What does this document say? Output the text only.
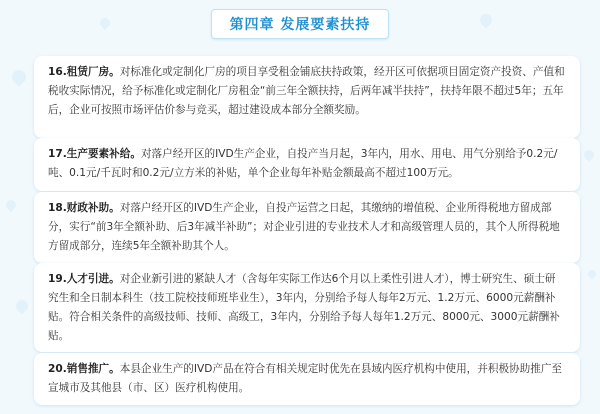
第四章 发展要素扶持
16.租赁厂房。对标准化或定制化厂房的项目享受租金铺底扶持政策，经开区可依据项目固定资产投资、产值和税收实际情况，给予标准化或定制化厂房租金“前三年全额扶持，后两年减半扶持”，扶持年限不超过5年；五年后，企业可按照市场评估价参与竞买，超过建设成本部分全额奖励。
17.生产要素补给。对落户经开区的IVD生产企业，自投产当月起，3年内，用水、用电、用气分别给予0.2元/吨、0.1元/千瓦时和0.2元/立方米的补贴，单个企业每年补贴金额最高不超过100万元。
18.财政补助。对落户经开区的IVD生产企业，自投产运营之日起，其缴纳的增值税、企业所得税地方留成部分，实行“前3年全额补助、后3年减半补助”；对企业引进的专业技术人才和高级管理人员的，其个人所得税地方留成部分，连续5年全额补助其个人。
19.人才引进。对企业新引进的紧缺人才（含每年实际工作达6个月以上柔性引进人才），博士研究生、硕士研究生和全日制本科生（技工院校技师班毕业生），3年内，分别给予每人每年2万元、1.2万元、6000元薪酬补贴。符合相关条件的高级技师、技师、高级工，3年内，分别给予每人每年1.2万元、8000元、3000元薪酬补贴。
20.销售推广。本县企业生产的IVD产品在符合有相关规定时优先在县域内医疗机构中使用，并积极协助推广至宣城市及其他县（市、区）医疗机构使用。
